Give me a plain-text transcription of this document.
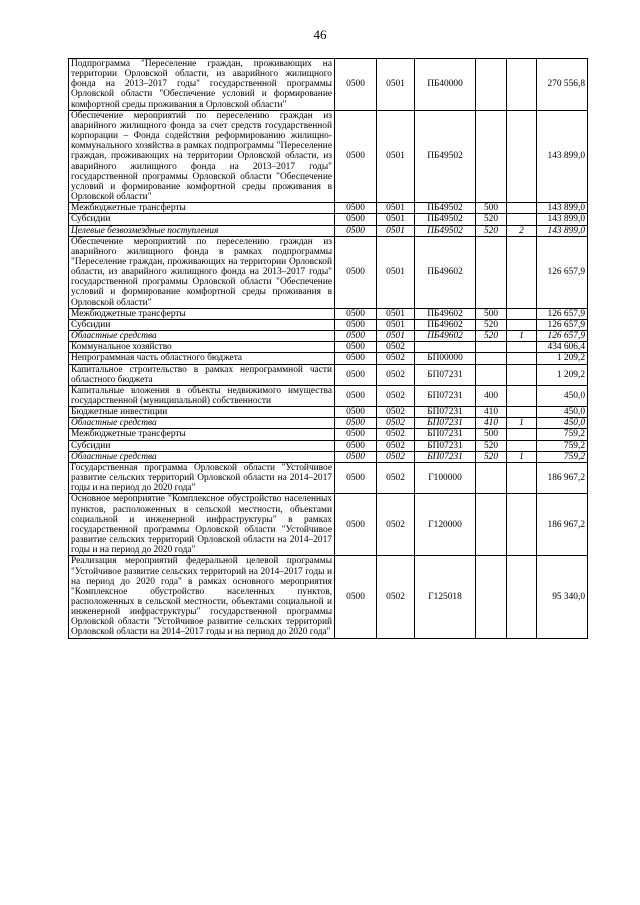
46
Подпрограмма "Переселение граждан, проживающих на территории Орловской области, из аварийного жилищного фонда на 2013–2017 годы" государственной программы Орловской области "Обеспечение условий и формирование комфортной среды проживания в Орловской области"	0500	0501	ПБ40000			270 556,8
Обеспечение мероприятий по переселению граждан из аварийного жилищного фонда за счет средств государственной корпорации – Фонда содействия реформированию жилищно-коммунального хозяйства в рамках подпрограммы "Переселение граждан, проживающих на территории Орловской области, из аварийного жилищного фонда на 2013–2017 годы" государственной программы Орловской области "Обеспечение условий и формирование комфортной среды проживания в Орловской области"	0500	0501	ПБ49502			143 899,0
Межбюджетные трансферты	0500	0501	ПБ49502	500		143 899,0
Субсидии	0500	0501	ПБ49502	520		143 899,0
Целевые безвозмездные поступления	0500	0501	ПБ49502	520	2	143 899,0
Обеспечение мероприятий по переселению граждан из аварийного жилищного фонда в рамках подпрограммы "Переселение граждан, проживающих на территории Орловской области, из аварийного жилищного фонда на 2013–2017 годы" государственной программы Орловской области "Обеспечение условий и формирование комфортной среды проживания в Орловской области"	0500	0501	ПБ49602			126 657,9
Межбюджетные трансферты	0500	0501	ПБ49602	500		126 657,9
Субсидии	0500	0501	ПБ49602	520		126 657,9
Областные средства	0500	0501	ПБ49602	520	1	126 657,9
Коммунальное хозяйство	0500	0502				434 606,4
Непрограммная часть областного бюджета	0500	0502	БП00000			1 209,2
Капитальное строительство в рамках непрограммной части областного бюджета	0500	0502	БП07231			1 209,2
Капитальные вложения в объекты недвижимого имущества государственной (муниципальной) собственности	0500	0502	БП07231	400		450,0
Бюджетные инвестиции	0500	0502	БП07231	410		450,0
Областные средства	0500	0502	БП07231	410	1	450,0
Межбюджетные трансферты	0500	0502	БП07231	500		759,2
Субсидии	0500	0502	БП07231	520		759,2
Областные средства	0500	0502	БП07231	520	1	759,2
Государственная программа Орловской области "Устойчивое развитие сельских территорий Орловской области на 2014–2017 годы и на период до 2020 года"	0500	0502	Г100000			186 967,2
Основное мероприятие "Комплексное обустройство населенных пунктов, расположенных в сельской местности, объектами социальной и инженерной инфраструктуры" в рамках государственной программы Орловской области "Устойчивое развитие сельских территорий Орловской области на 2014–2017 годы и на период до 2020 года"	0500	0502	Г120000			186 967,2
Реализация мероприятий федеральной целевой программы "Устойчивое развитие сельских территорий на 2014–2017 годы и на период до 2020 года" в рамках основного мероприятия "Комплексное обустройство населенных пунктов, расположенных в сельской местности, объектами социальной и инженерной инфраструктуры" государственной программы Орловской области "Устойчивое развитие сельских территорий Орловской области на 2014–2017 годы и на период до 2020 года"	0500	0502	Г125018			95 340,0
